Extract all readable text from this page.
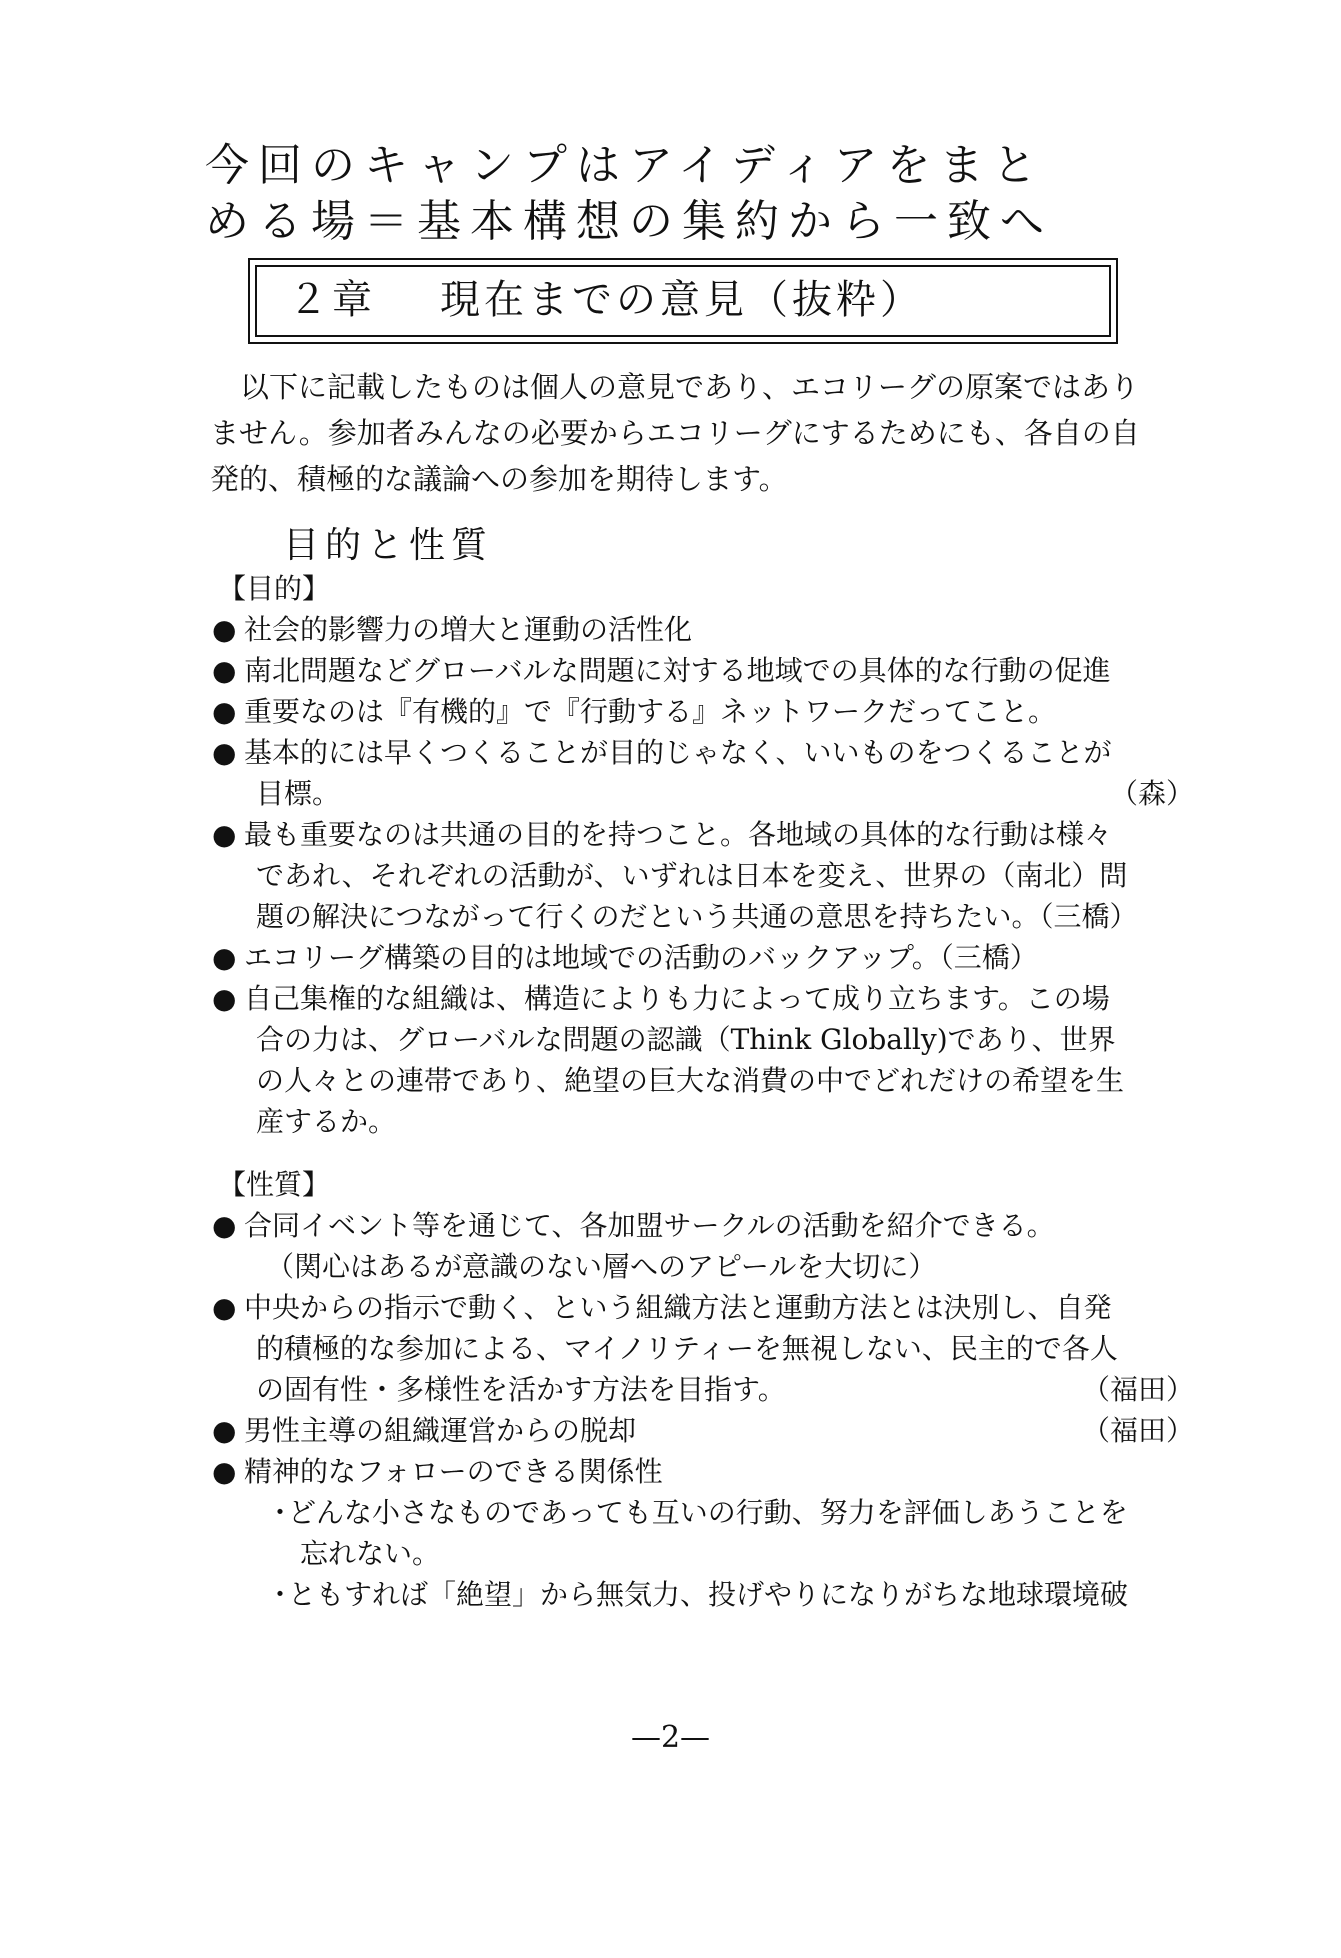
今回のキャンプはアイディアをまと
める場＝基本構想の集約から一致へ
２章 現在までの意見（抜粋）
以下に記載したものは個人の意見であり、エコリーグの原案ではあり
ません。参加者みんなの必要からエコリーグにするためにも、各自の自
発的、積極的な議論への参加を期待します。
目的と性質
【目的】
● 社会的影響力の増大と運動の活性化
● 南北問題などグローバルな問題に対する地域での具体的な行動の促進
● 重要なのは『有機的』で『行動する』ネットワークだってこと。
● 基本的には早くつくることが目的じゃなく、いいものをつくることが
目標。	（森）
● 最も重要なのは共通の目的を持つこと。各地域の具体的な行動は様々
であれ、それぞれの活動が、いずれは日本を変え、世界の（南北）問
題の解決につながって行くのだという共通の意思を持ちたい。（三橋）
● エコリーグ構築の目的は地域での活動のバックアップ。（三橋）
● 自己集権的な組織は、構造によりも力によって成り立ちます。この場
合の力は、グローバルな問題の認識（Think Globally)であり、世界
の人々との連帯であり、絶望の巨大な消費の中でどれだけの希望を生
産するか。
【性質】
● 合同イベント等を通じて、各加盟サークルの活動を紹介できる。
（関心はあるが意識のない層へのアピールを大切に）
● 中央からの指示で動く、という組織方法と運動方法とは決別し、自発
的積極的な参加による、マイノリティーを無視しない、民主的で各人
の固有性・多様性を活かす方法を目指す。	（福田）
● 男性主導の組織運営からの脱却	（福田）
● 精神的なフォローのできる関係性
・
どんな小さなものであっても互いの行動、努力を評価しあうことを
忘れない。
・
ともすれば「絶望」から無気力、投げやりになりがちな地球環境破
—2—
